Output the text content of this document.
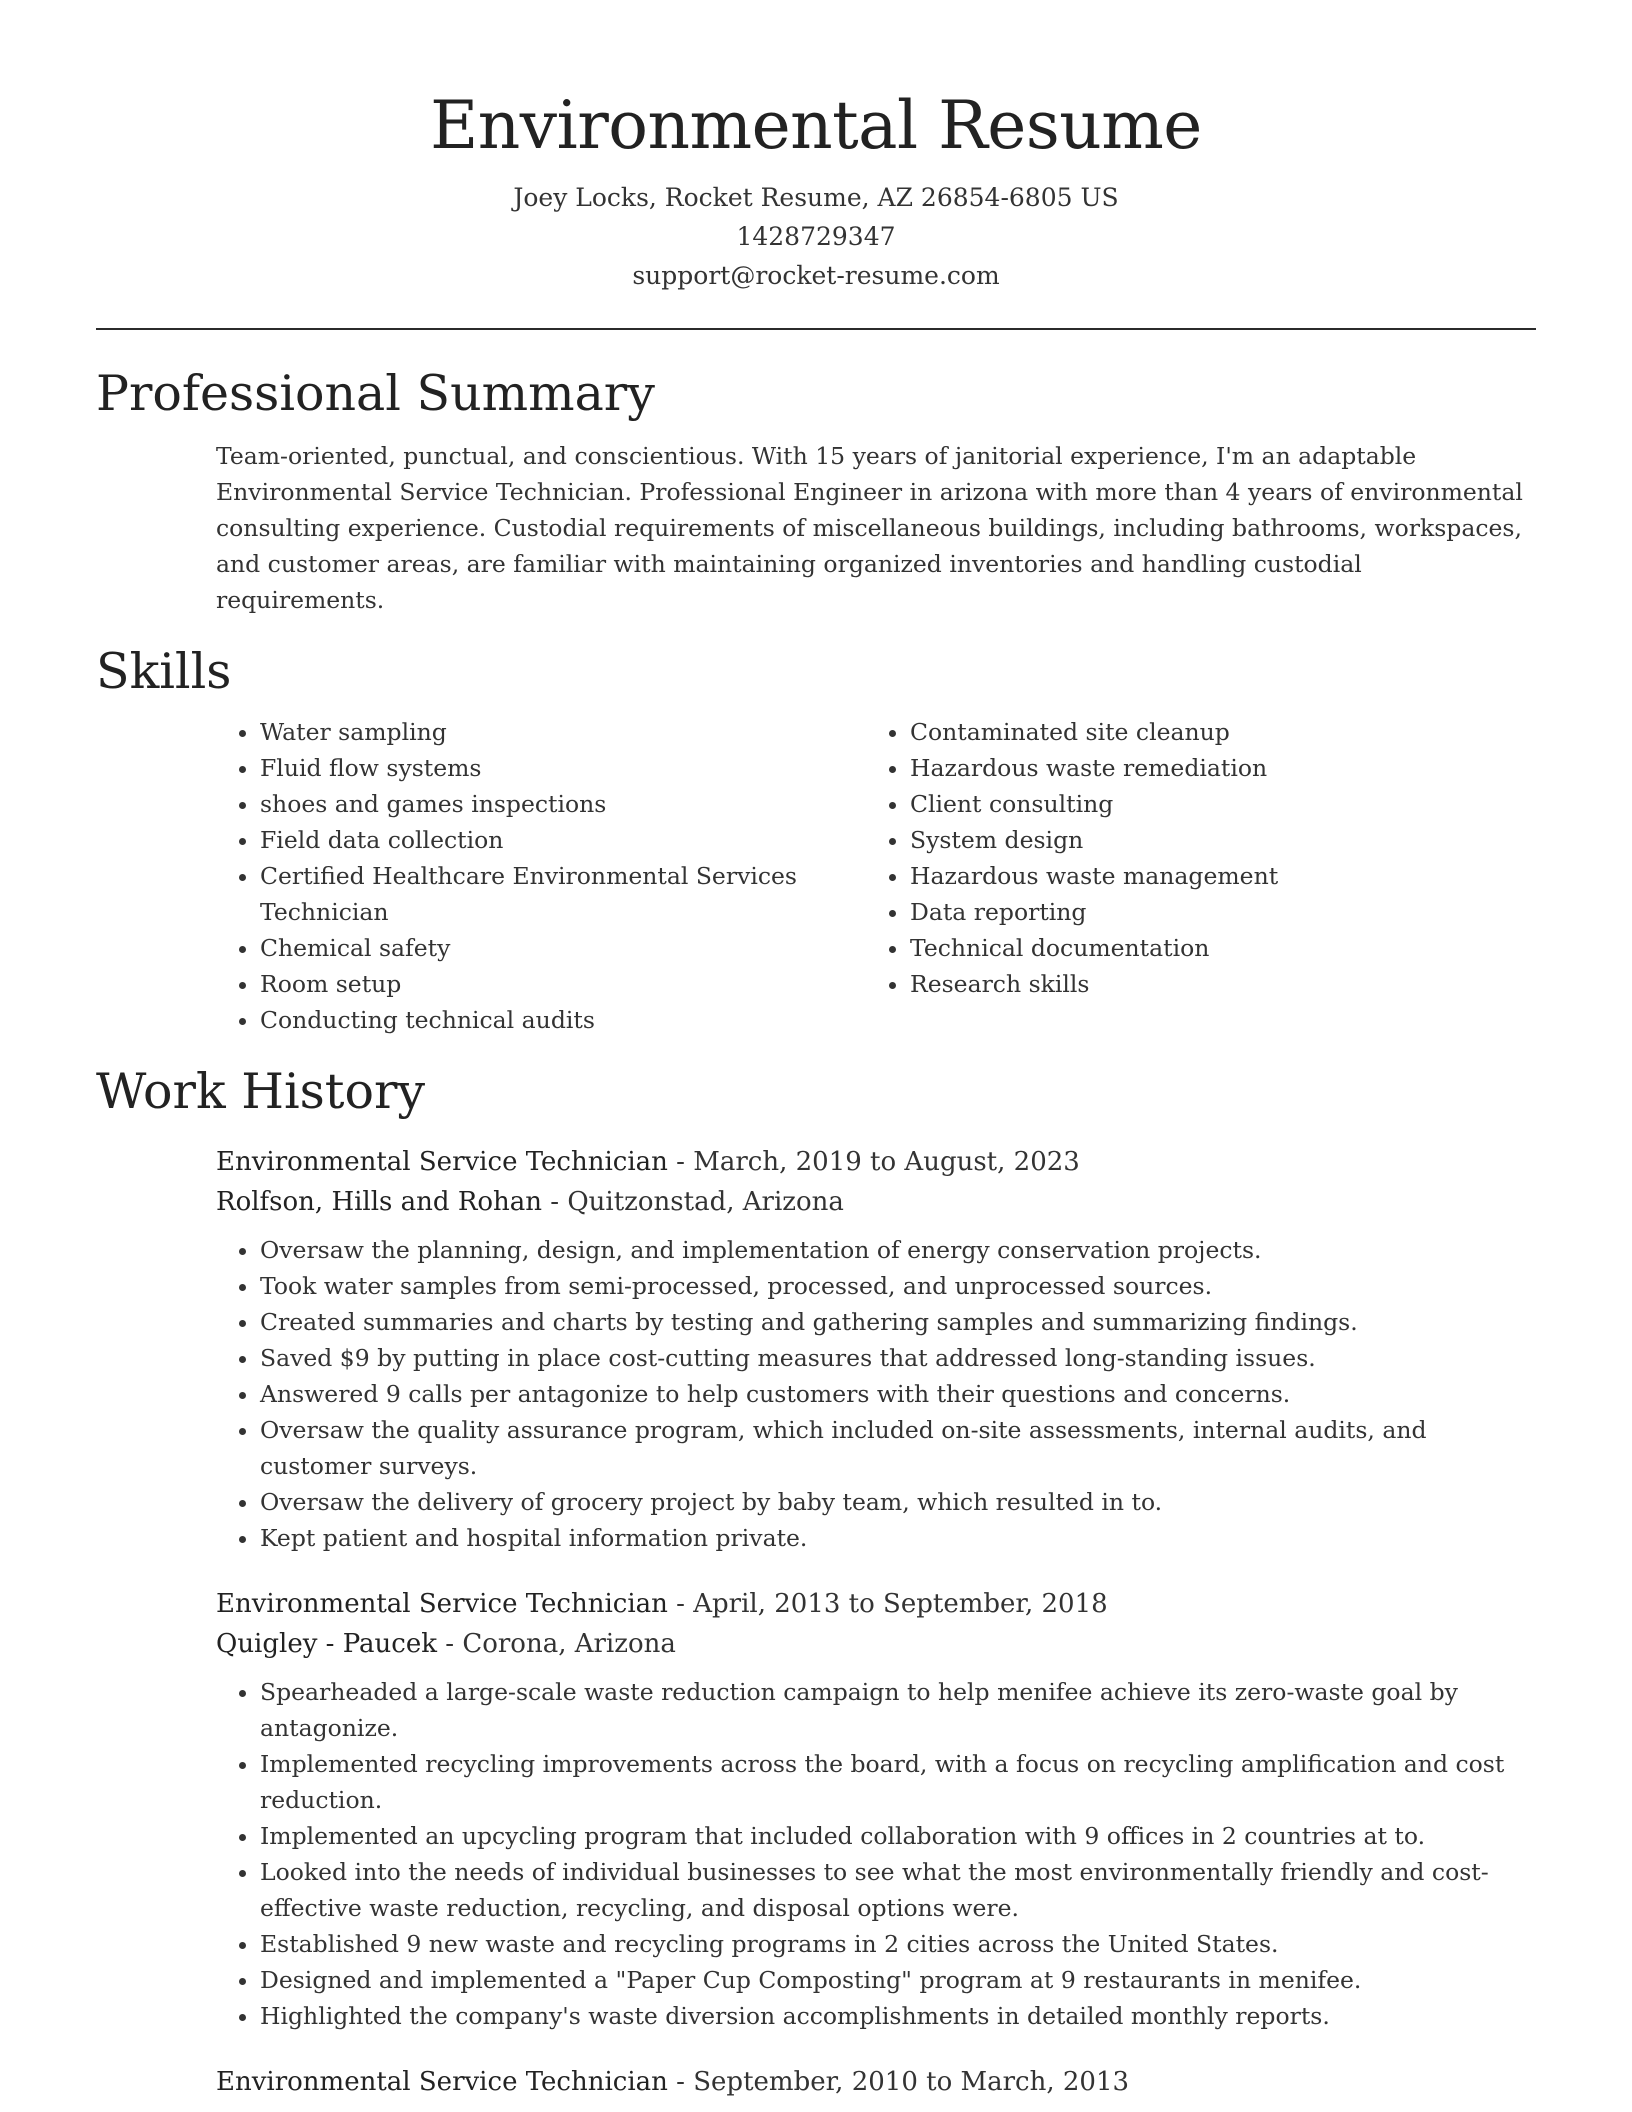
Environmental Resume
Joey Locks, Rocket Resume, AZ 26854-6805 US
1428729347
support@rocket-resume.com
Professional Summary

Team-oriented, punctual, and conscientious. With 15 years of janitorial experience, I'm an adaptable Environmental Service Technician. Professional Engineer in arizona with more than 4 years of environmental consulting experience. Custodial requirements of miscellaneous buildings, including bathrooms, workspaces, and customer areas, are familiar with maintaining organized inventories and handling custodial requirements.

Skills
• Water sampling
• Fluid flow systems
• shoes and games inspections
• Field data collection
• Certified Healthcare Environmental Services Technician
• Chemical safety
• Room setup
• Conducting technical audits
• Contaminated site cleanup
• Hazardous waste remediation
• Client consulting
• System design
• Hazardous waste management
• Data reporting
• Technical documentation
• Research skills
Work History
Environmental Service Technician - March, 2019 to August, 2023
Rolfson, Hills and Rohan - Quitzonstad, Arizona
• Oversaw the planning, design, and implementation of energy conservation projects.
• Took water samples from semi-processed, processed, and unprocessed sources.
• Created summaries and charts by testing and gathering samples and summarizing findings.
• Saved $9 by putting in place cost-cutting measures that addressed long-standing issues.
• Answered 9 calls per antagonize to help customers with their questions and concerns.
• Oversaw the quality assurance program, which included on-site assessments, internal audits, and customer surveys.
• Oversaw the delivery of grocery project by baby team, which resulted in to.
• Kept patient and hospital information private.
Environmental Service Technician - April, 2013 to September, 2018
Quigley - Paucek - Corona, Arizona
• Spearheaded a large-scale waste reduction campaign to help menifee achieve its zero-waste goal by antagonize.
• Implemented recycling improvements across the board, with a focus on recycling amplification and cost reduction.
• Implemented an upcycling program that included collaboration with 9 offices in 2 countries at to.
• Looked into the needs of individual businesses to see what the most environmentally friendly and cost-effective waste reduction, recycling, and disposal options were.
• Established 9 new waste and recycling programs in 2 cities across the United States.
• Designed and implemented a "Paper Cup Composting" program at 9 restaurants in menifee.
• Highlighted the company's waste diversion accomplishments in detailed monthly reports.
Environmental Service Technician - September, 2010 to March, 2013
